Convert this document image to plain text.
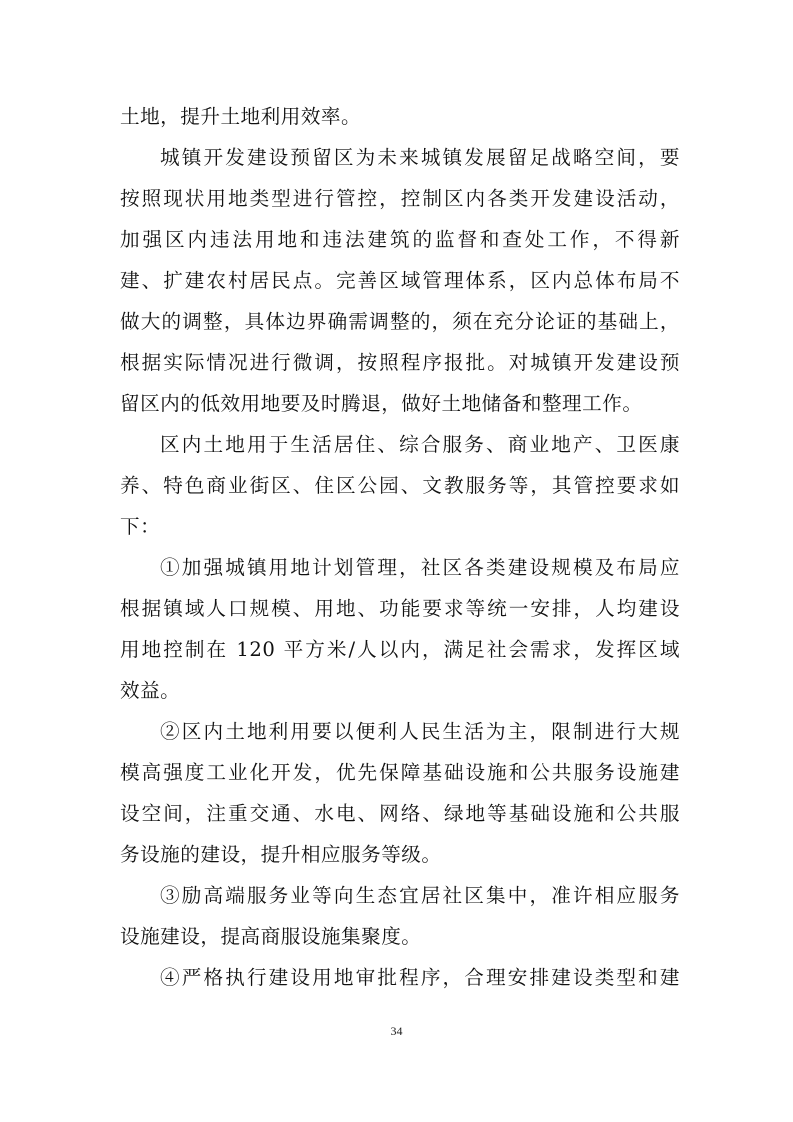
土地，提升土地利用效率。
城镇开发建设预留区为未来城镇发展留足战略空间，要
按照现状用地类型进行管控，控制区内各类开发建设活动，
加强区内违法用地和违法建筑的监督和查处工作，不得新
建、扩建农村居民点。完善区域管理体系，区内总体布局不
做大的调整，具体边界确需调整的，须在充分论证的基础上，
根据实际情况进行微调，按照程序报批。对城镇开发建设预
留区内的低效用地要及时腾退，做好土地储备和整理工作。
区内土地用于生活居住、综合服务、商业地产、卫医康
养、特色商业街区、住区公园、文教服务等，其管控要求如
下：
①加强城镇用地计划管理，社区各类建设规模及布局应
根据镇域人口规模、用地、功能要求等统一安排，人均建设
用地控制在 120 平方米/人以内，满足社会需求，发挥区域
效益。
②区内土地利用要以便利人民生活为主，限制进行大规
模高强度工业化开发，优先保障基础设施和公共服务设施建
设空间，注重交通、水电、网络、绿地等基础设施和公共服
务设施的建设，提升相应服务等级。
③励高端服务业等向生态宜居社区集中，准许相应服务
设施建设，提高商服设施集聚度。
④严格执行建设用地审批程序，合理安排建设类型和建
34
